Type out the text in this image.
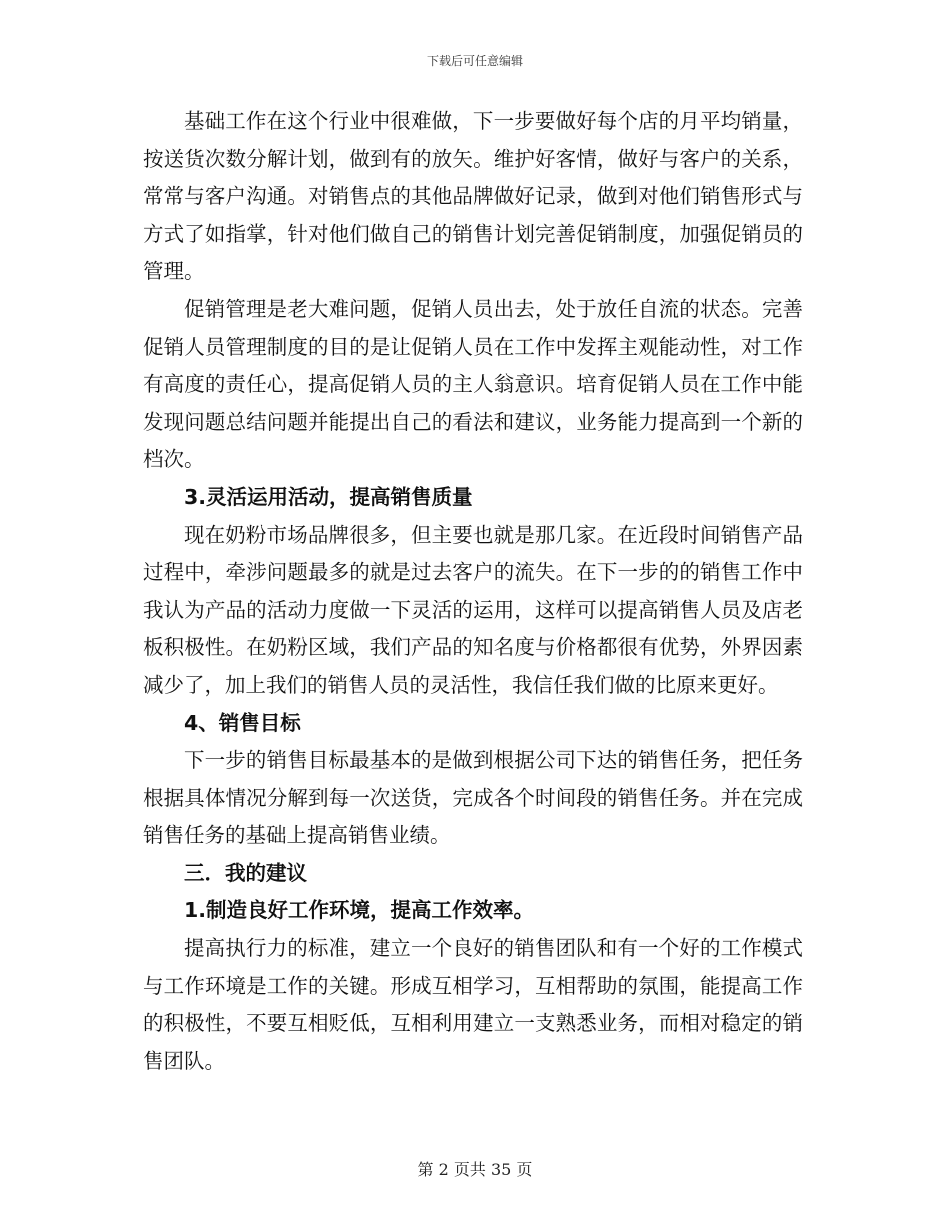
下载后可任意编辑

基础工作在这个行业中很难做，下一步要做好每个店的月平均销量，按送货次数分解计划，做到有的放矢。维护好客情，做好与客户的关系，常常与客户沟通。对销售点的其他品牌做好记录，做到对他们销售形式与方式了如指掌，针对他们做自己的销售计划完善促销制度，加强促销员的管理。

促销管理是老大难问题，促销人员出去，处于放任自流的状态。完善促销人员管理制度的目的是让促销人员在工作中发挥主观能动性，对工作有高度的责任心，提高促销人员的主人翁意识。培育促销人员在工作中能发现问题总结问题并能提出自己的看法和建议，业务能力提高到一个新的档次。

3.灵活运用活动，提高销售质量

现在奶粉市场品牌很多，但主要也就是那几家。在近段时间销售产品过程中，牵涉问题最多的就是过去客户的流失。在下一步的的销售工作中我认为产品的活动力度做一下灵活的运用，这样可以提高销售人员及店老板积极性。在奶粉区域，我们产品的知名度与价格都很有优势，外界因素减少了，加上我们的销售人员的灵活性，我信任我们做的比原来更好。

4、销售目标

下一步的销售目标最基本的是做到根据公司下达的销售任务，把任务根据具体情况分解到每一次送货，完成各个时间段的销售任务。并在完成销售任务的基础上提高销售业绩。

三．我的建议
1.制造良好工作环境，提高工作效率。

提高执行力的标准，建立一个良好的销售团队和有一个好的工作模式与工作环境是工作的关键。形成互相学习，互相帮助的氛围，能提高工作的积极性，不要互相贬低，互相利用建立一支熟悉业务，而相对稳定的销售团队。

第 2 页共 35 页
